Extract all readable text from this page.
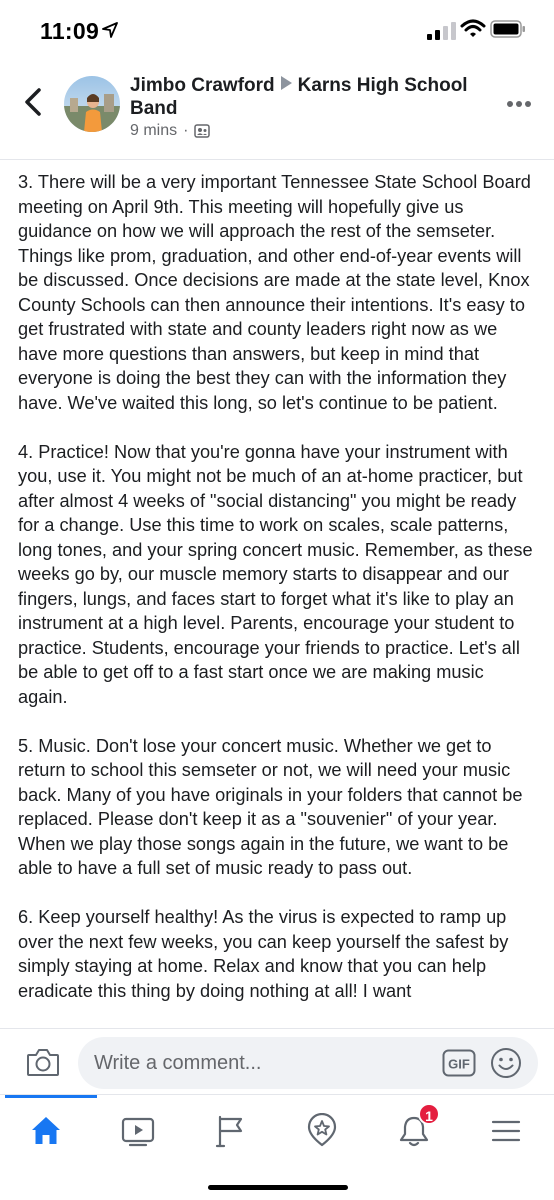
11:09
Jimbo Crawford Karns High School Band
9 mins ·

3. There will be a very important Tennessee State School Board meeting on April 9th. This meeting will hopefully give us guidance on how we will approach the rest of the semseter. Things like prom, graduation, and other end-of-year events will be discussed. Once decisions are made at the state level, Knox County Schools can then announce their intentions. It's easy to get frustrated with state and county leaders right now as we have more questions than answers, but keep in mind that everyone is doing the best they can with the information they have. We've waited this long, so let's continue to be patient.

4. Practice! Now that you're gonna have your instrument with you, use it. You might not be much of an at-home practicer, but after almost 4 weeks of "social distancing" you might be ready for a change. Use this time to work on scales, scale patterns, long tones, and your spring concert music. Remember, as these weeks go by, our muscle memory starts to disappear and our fingers, lungs, and faces start to forget what it's like to play an instrument at a high level. Parents, encourage your student to practice. Students, encourage your friends to practice. Let's all be able to get off to a fast start once we are making music again.

5. Music. Don't lose your concert music. Whether we get to return to school this semseter or not, we will need your music back. Many of you have originals in your folders that cannot be replaced. Please don't keep it as a "souvenier" of your year. When we play those songs again in the future, we want to be able to have a full set of music ready to pass out.

6. Keep yourself healthy! As the virus is expected to ramp up over the next few weeks, you can keep yourself the safest by simply staying at home. Relax and know that you can help eradicate this thing by doing nothing at all! I want

Write a comment...	GIF
1
